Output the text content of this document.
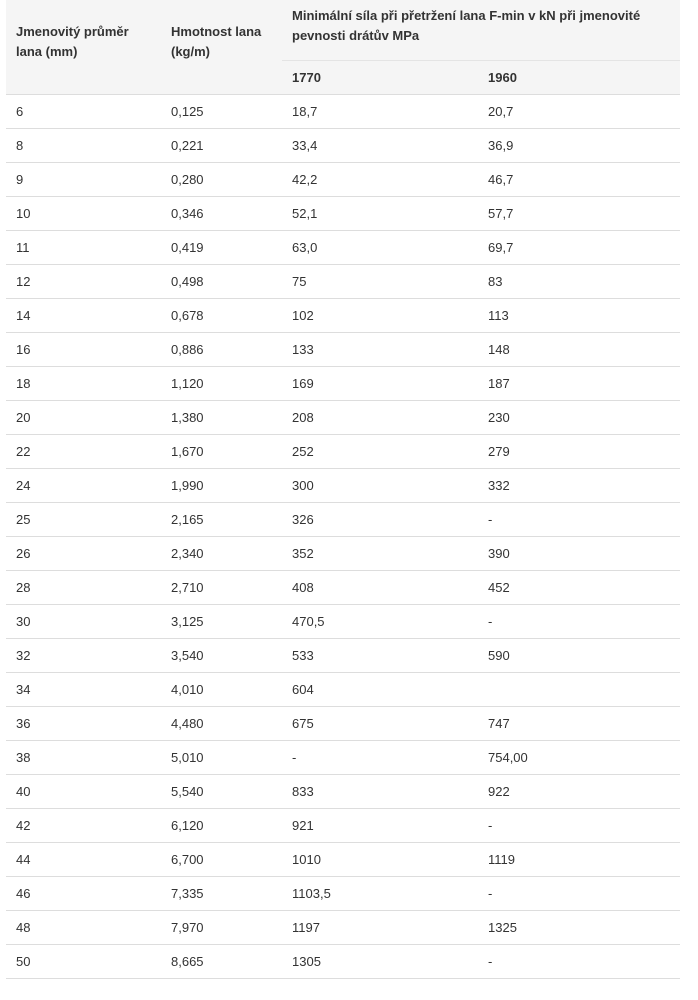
Jmenovitý průměr lana (mm)	Hmotnost lana (kg/m)	Minimální síla při přetržení lana F-min v kN při jmenovité pevnosti drátův MPa	
		1770	1960
6	0,125	18,7	20,7
8	0,221	33,4	36,9
9	0,280	42,2	46,7
10	0,346	52,1	57,7
11	0,419	63,0	69,7
12	0,498	75	83
14	0,678	102	113
16	0,886	133	148
18	1,120	169	187
20	1,380	208	230
22	1,670	252	279
24	1,990	300	332
25	2,165	326	-
26	2,340	352	390
28	2,710	408	452
30	3,125	470,5	-
32	3,540	533	590
34	4,010	604	
36	4,480	675	747
38	5,010	-	754,00
40	5,540	833	922
42	6,120	921	-
44	6,700	1010	1119
46	7,335	1103,5	-
48	7,970	1197	1325
50	8,665	1305	-
